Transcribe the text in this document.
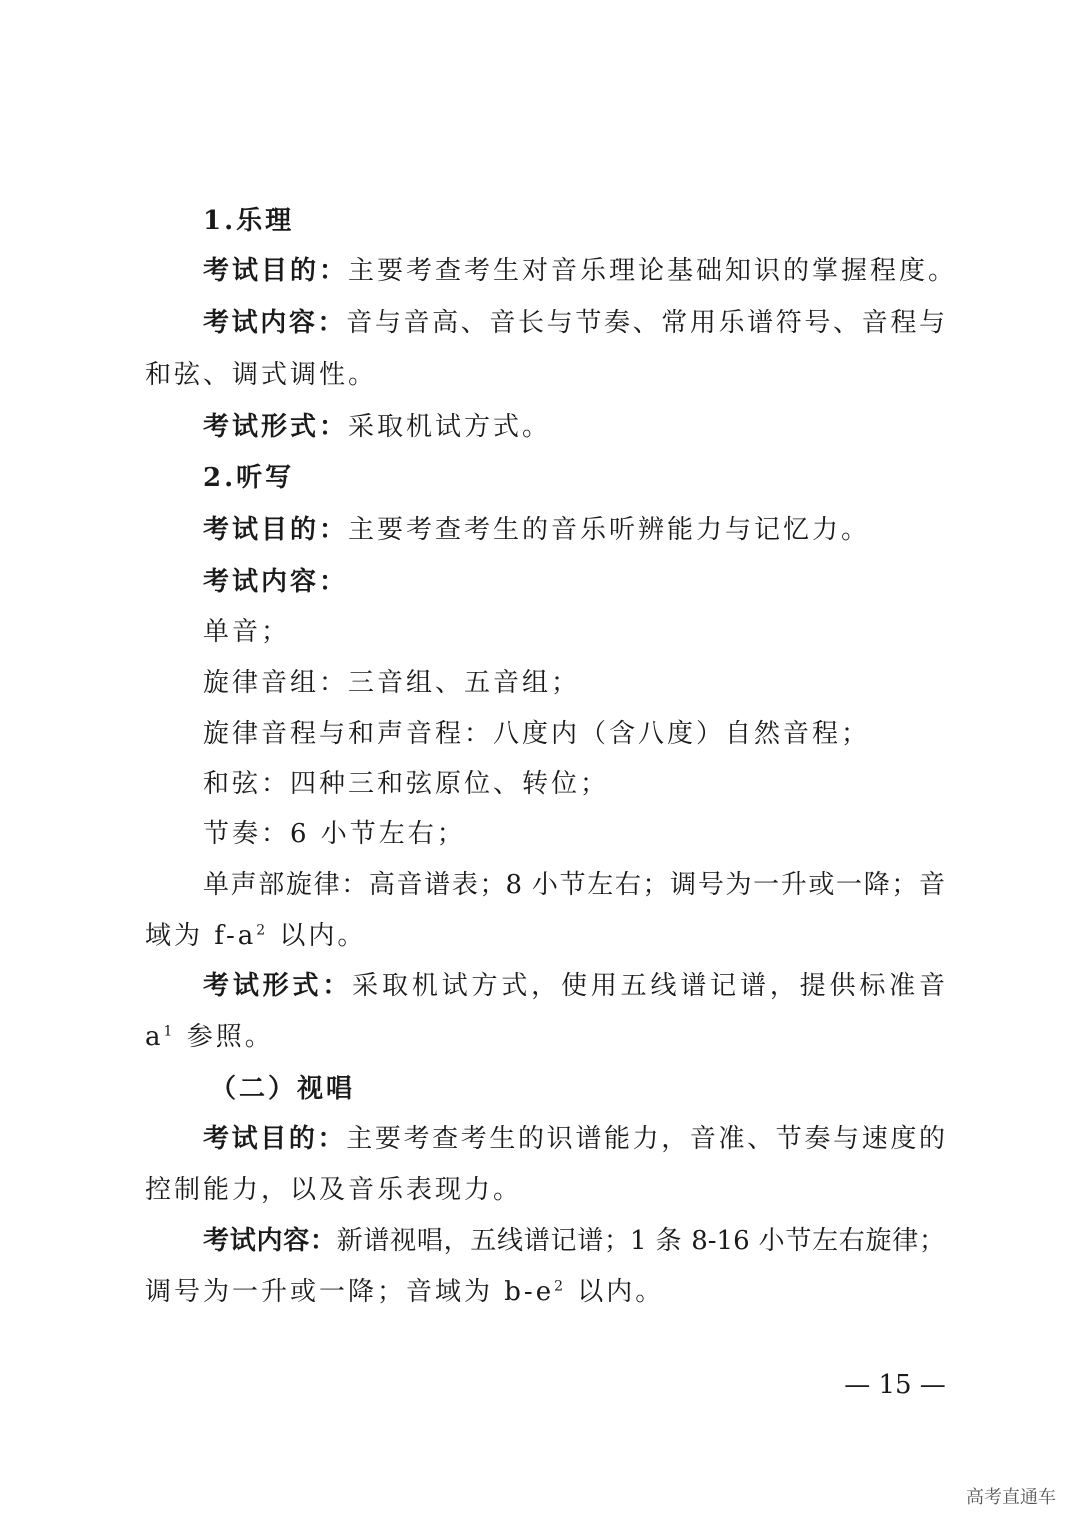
1.乐理
考试目的：主要考查考生对音乐理论基础知识的掌握程度。
考试内容：音与音高、音长与节奏、常用乐谱符号、音程与
和弦、调式调性。
考试形式：采取机试方式。
2.听写
考试目的：主要考查考生的音乐听辨能力与记忆力。
考试内容：
单音；
旋律音组：三音组、五音组；
旋律音程与和声音程：八度内（含八度）自然音程；
和弦：四种三和弦原位、转位；
节奏：6 小节左右；
单声部旋律：高音谱表；8 小节左右；调号为一升或一降；音
域为 $f-a^2$ 以内。
考试形式：采取机试方式，使用五线谱记谱，提供标准音
$a^1$ 参照。
（二）视唱
考试目的：主要考查考生的识谱能力，音准、节奏与速度的
控制能力，以及音乐表现力。
考试内容：新谱视唱，五线谱记谱；1 条 8-16 小节左右旋律；
调号为一升或一降；音域为 $b-e^2$ 以内。
— 15 —
高考直通车
